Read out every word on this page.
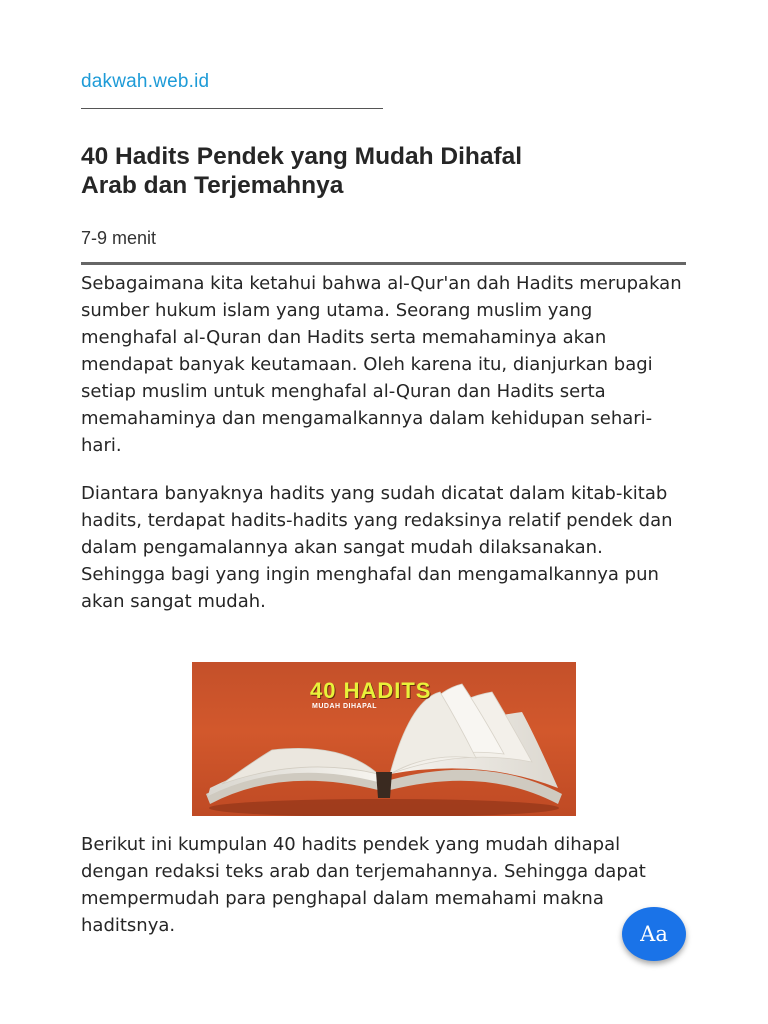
dakwah.web.id
40 Hadits Pendek yang Mudah Dihafal
Arab dan Terjemahnya
7-9 menit

Sebagaimana kita ketahui bahwa al-Qur'an dah Hadits merupakan sumber hukum islam yang utama. Seorang muslim yang menghafal al-Quran dan Hadits serta memahaminya akan mendapat banyak keutamaan. Oleh karena itu, dianjurkan bagi setiap muslim untuk menghafal al-Quran dan Hadits serta memahaminya dan mengamalkannya dalam kehidupan sehari-hari.

Diantara banyaknya hadits yang sudah dicatat dalam kitab-kitab hadits, terdapat hadits-hadits yang redaksinya relatif pendek dan dalam pengamalannya akan sangat mudah dilaksanakan. Sehingga bagi yang ingin menghafal dan mengamalkannya pun akan sangat mudah.

40 HADITS
MUDAH DIHAPAL

Berikut ini kumpulan 40 hadits pendek yang mudah dihapal dengan redaksi teks arab dan terjemahannya. Sehingga dapat mempermudah para penghapal dalam memahami makna haditsnya.	Aa
